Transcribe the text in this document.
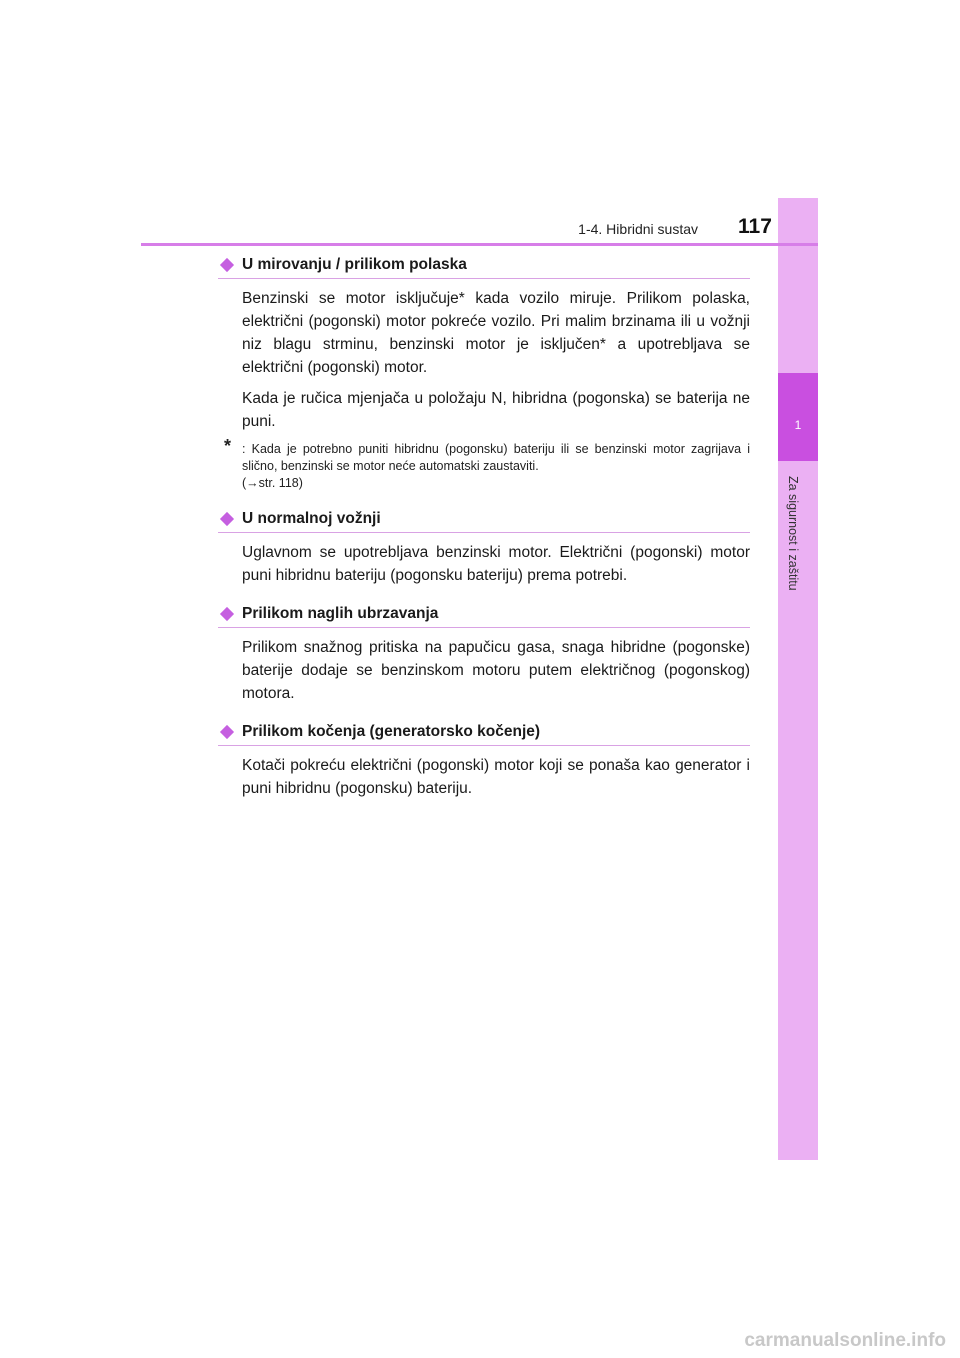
1
Za sigurnost i zaštitu
1-4. Hibridni sustav 117
U mirovanju / prilikom polaska

Benzinski se motor isključuje* kada vozilo miruje. Prilikom polaska, električni (pogonski) motor pokreće vozilo. Pri malim brzinama ili u vožnji niz blagu strminu, benzinski motor je isključen* a upotrebljava se električni (pogonski) motor.

Kada je ručica mjenjača u položaju N, hibridna (pogonska) se baterija ne puni.

* : Kada je potrebno puniti hibridnu (pogonsku) bateriju ili se benzinski motor zagrijava i slično, benzinski se motor neće automatski zaustaviti.
(→str. 118)
U normalnoj vožnji

Uglavnom se upotrebljava benzinski motor. Električni (pogonski) motor puni hibridnu bateriju (pogonsku bateriju) prema potrebi.

Prilikom naglih ubrzavanja

Prilikom snažnog pritiska na papučicu gasa, snaga hibridne (pogonske) baterije dodaje se benzinskom motoru putem električnog (pogonskog) motora.

Prilikom kočenja (generatorsko kočenje)

Kotači pokreću električni (pogonski) motor koji se ponaša kao generator i puni hibridnu (pogonsku) bateriju.

carmanualsonline.info
